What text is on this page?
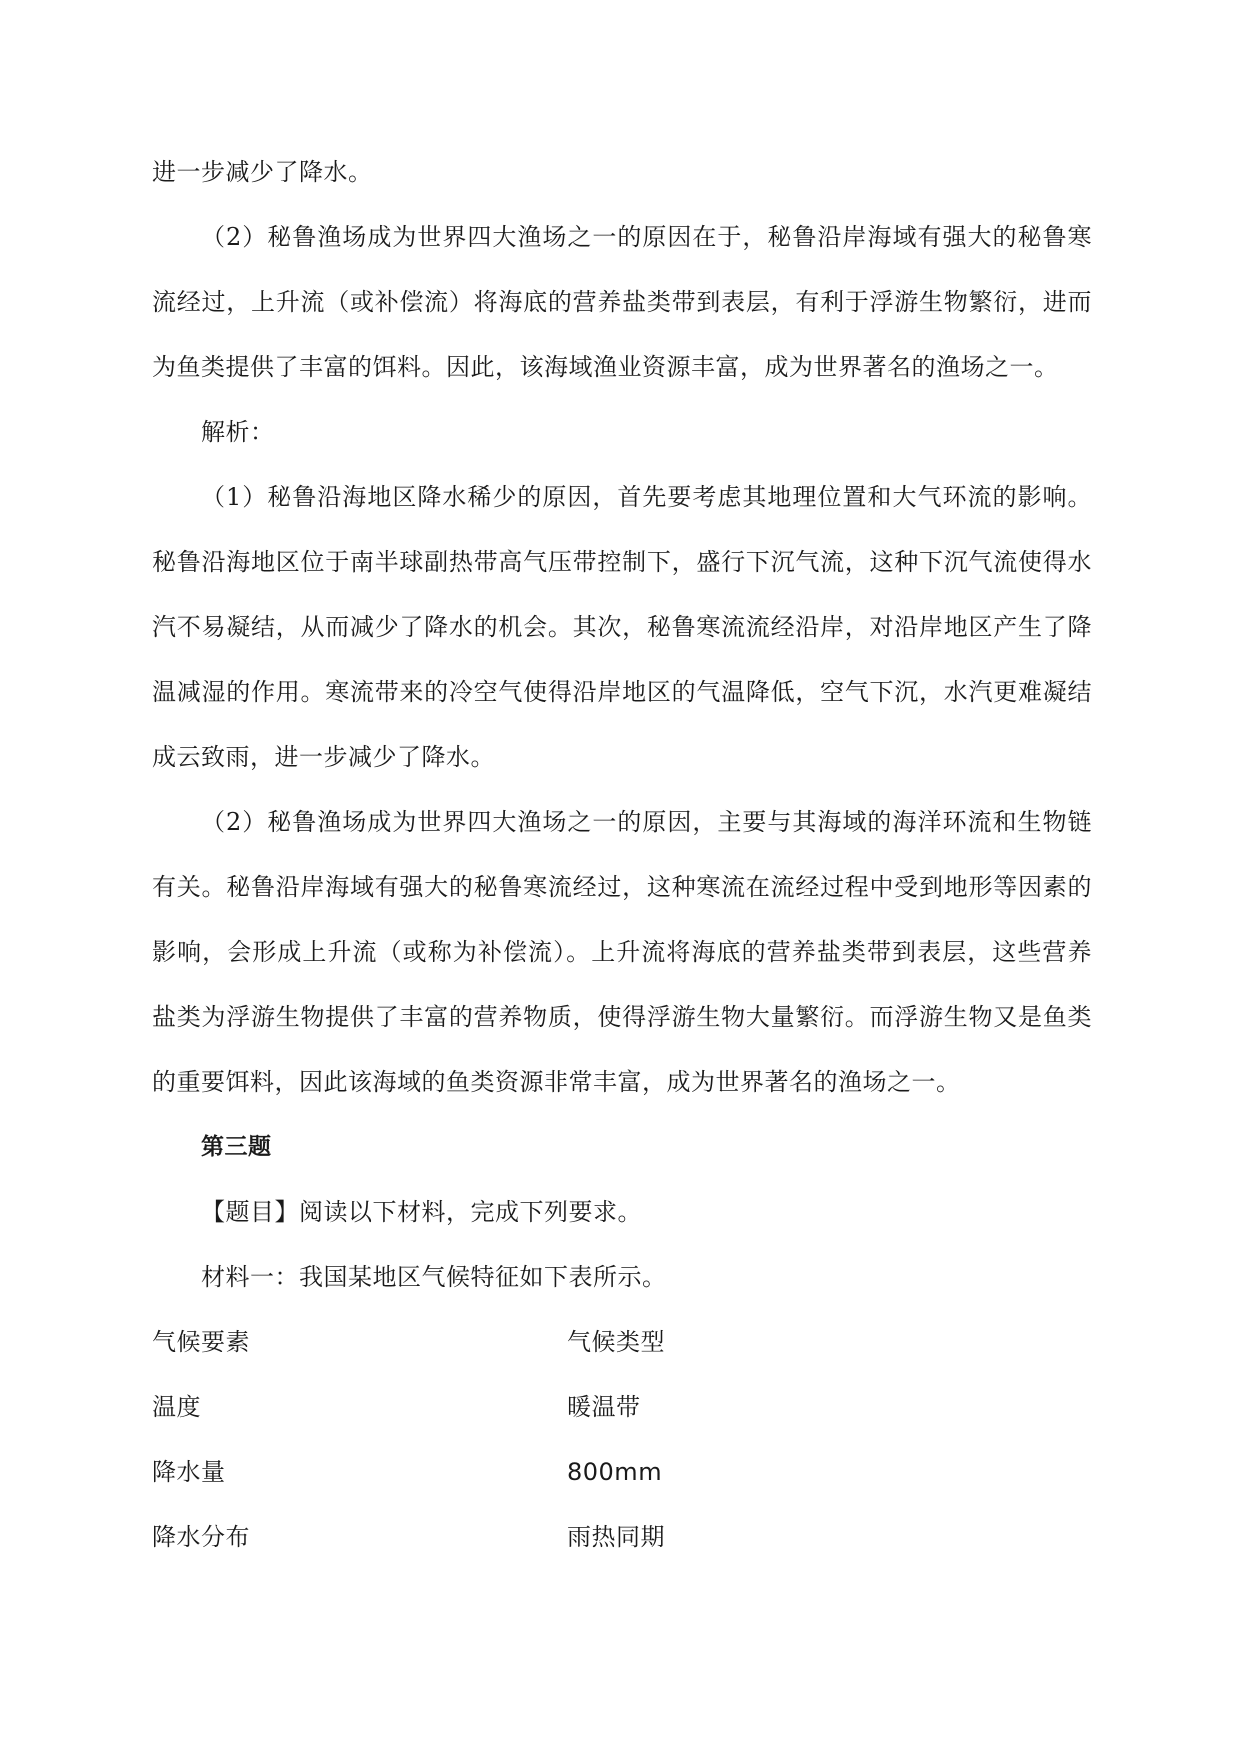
进一步减少了降水。

（2）秘鲁渔场成为世界四大渔场之一的原因在于，秘鲁沿岸海域有强大的秘鲁寒流经过，上升流（或补偿流）将海底的营养盐类带到表层，有利于浮游生物繁衍，进而为鱼类提供了丰富的饵料。因此，该海域渔业资源丰富，成为世界著名的渔场之一。

解析：

（1）秘鲁沿海地区降水稀少的原因，首先要考虑其地理位置和大气环流的影响。秘鲁沿海地区位于南半球副热带高气压带控制下，盛行下沉气流，这种下沉气流使得水汽不易凝结，从而减少了降水的机会。其次，秘鲁寒流流经沿岸，对沿岸地区产生了降温减湿的作用。寒流带来的冷空气使得沿岸地区的气温降低，空气下沉，水汽更难凝结成云致雨，进一步减少了降水。

（2）秘鲁渔场成为世界四大渔场之一的原因，主要与其海域的海洋环流和生物链有关。秘鲁沿岸海域有强大的秘鲁寒流经过，这种寒流在流经过程中受到地形等因素的影响，会形成上升流（或称为补偿流）。上升流将海底的营养盐类带到表层，这些营养盐类为浮游生物提供了丰富的营养物质，使得浮游生物大量繁衍。而浮游生物又是鱼类的重要饵料，因此该海域的鱼类资源非常丰富，成为世界著名的渔场之一。

第三题

【题目】阅读以下材料，完成下列要求。

材料一：我国某地区气候特征如下表所示。

气候要素	气候类型
温度	暖温带
降水量	800mm
降水分布	雨热同期
